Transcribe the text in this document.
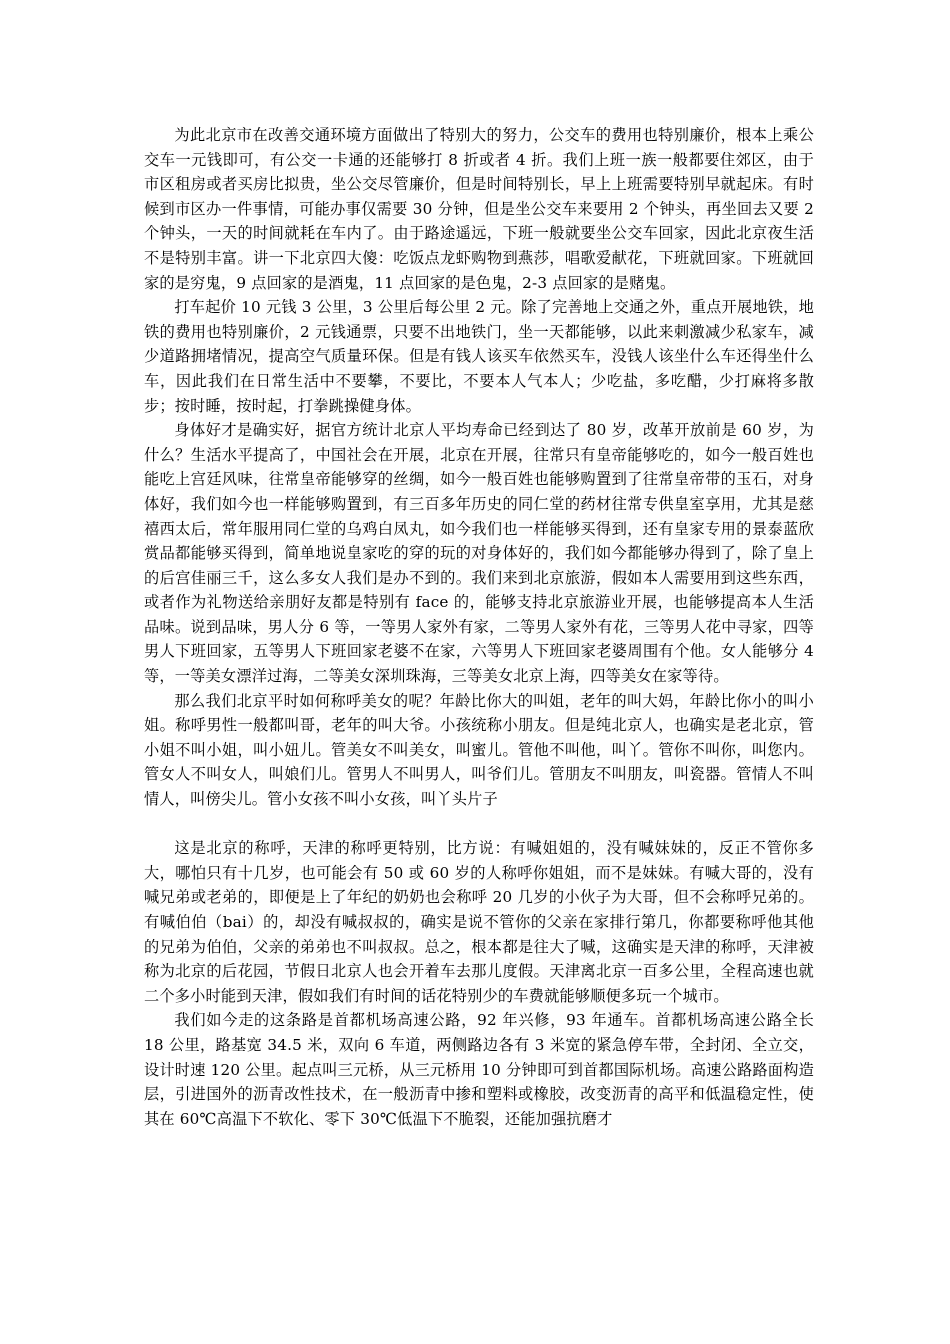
为此北京市在改善交通环境方面做出了特别大的努力，公交车的费用也特别廉价，根本上乘公交车一元钱即可，有公交一卡通的还能够打 8 折或者 4 折。我们上班一族一般都要住郊区，由于市区租房或者买房比拟贵，坐公交尽管廉价，但是时间特别长，早上上班需要特别早就起床。有时候到市区办一件事情，可能办事仅需要 30 分钟，但是坐公交车来要用 2 个钟头，再坐回去又要 2 个钟头，一天的时间就耗在车内了。由于路途遥远，下班一般就要坐公交车回家，因此北京夜生活不是特别丰富。讲一下北京四大傻：吃饭点龙虾购物到燕莎，唱歌爱献花，下班就回家。下班就回家的是穷鬼，9 点回家的是酒鬼，11 点回家的是色鬼，2-3 点回家的是赌鬼。

打车起价 10 元钱 3 公里，3 公里后每公里 2 元。除了完善地上交通之外，重点开展地铁，地铁的费用也特别廉价，2 元钱通票，只要不出地铁门，坐一天都能够，以此来刺激减少私家车，减少道路拥堵情况，提高空气质量环保。但是有钱人该买车依然买车，没钱人该坐什么车还得坐什么车，因此我们在日常生活中不要攀，不要比，不要本人气本人；少吃盐，多吃醋，少打麻将多散步；按时睡，按时起，打拳跳操健身体。

身体好才是确实好，据官方统计北京人平均寿命已经到达了 80 岁，改革开放前是 60 岁，为什么？生活水平提高了，中国社会在开展，北京在开展，往常只有皇帝能够吃的，如今一般百姓也能吃上宫廷风味，往常皇帝能够穿的丝绸，如今一般百姓也能够购置到了往常皇帝带的玉石，对身体好，我们如今也一样能够购置到，有三百多年历史的同仁堂的药材往常专供皇室享用，尤其是慈禧西太后，常年服用同仁堂的乌鸡白凤丸，如今我们也一样能够买得到，还有皇家专用的景泰蓝欣赏品都能够买得到，简单地说皇家吃的穿的玩的对身体好的，我们如今都能够办得到了，除了皇上的后宫佳丽三千，这么多女人我们是办不到的。我们来到北京旅游，假如本人需要用到这些东西，或者作为礼物送给亲朋好友都是特别有 face 的，能够支持北京旅游业开展，也能够提高本人生活品味。说到品味，男人分 6 等，一等男人家外有家，二等男人家外有花，三等男人花中寻家，四等男人下班回家，五等男人下班回家老婆不在家，六等男人下班回家老婆周围有个他。女人能够分 4 等，一等美女漂洋过海，二等美女深圳珠海，三等美女北京上海，四等美女在家等待。

那么我们北京平时如何称呼美女的呢？年龄比你大的叫姐，老年的叫大妈，年龄比你小的叫小姐。称呼男性一般都叫哥，老年的叫大爷。小孩统称小朋友。但是纯北京人，也确实是老北京，管小姐不叫小姐，叫小妞儿。管美女不叫美女，叫蜜儿。管他不叫他，叫丫。管你不叫你，叫您内。管女人不叫女人，叫娘们儿。管男人不叫男人，叫爷们儿。管朋友不叫朋友，叫瓷器。管情人不叫情人，叫傍尖儿。管小女孩不叫小女孩，叫丫头片子

这是北京的称呼，天津的称呼更特别，比方说：有喊姐姐的，没有喊妹妹的，反正不管你多大，哪怕只有十几岁，也可能会有 50 或 60 岁的人称呼你姐姐，而不是妹妹。有喊大哥的，没有喊兄弟或老弟的，即便是上了年纪的奶奶也会称呼 20 几岁的小伙子为大哥，但不会称呼兄弟的。有喊伯伯（bai）的，却没有喊叔叔的，确实是说不管你的父亲在家排行第几，你都要称呼他其他的兄弟为伯伯，父亲的弟弟也不叫叔叔。总之，根本都是往大了喊，这确实是天津的称呼，天津被称为北京的后花园，节假日北京人也会开着车去那儿度假。天津离北京一百多公里，全程高速也就二个多小时能到天津，假如我们有时间的话花特别少的车费就能够顺便多玩一个城市。

我们如今走的这条路是首都机场高速公路，92 年兴修，93 年通车。首都机场高速公路全长 18 公里，路基宽 34.5 米，双向 6 车道，两侧路边各有 3 米宽的紧急停车带，全封闭、全立交，设计时速 120 公里。起点叫三元桥，从三元桥用 10 分钟即可到首都国际机场。高速公路路面构造层，引进国外的沥青改性技术，在一般沥青中掺和塑料或橡胶，改变沥青的高平和低温稳定性，使其在 60℃高温下不软化、零下 30℃低温下不脆裂，还能加强抗磨才
